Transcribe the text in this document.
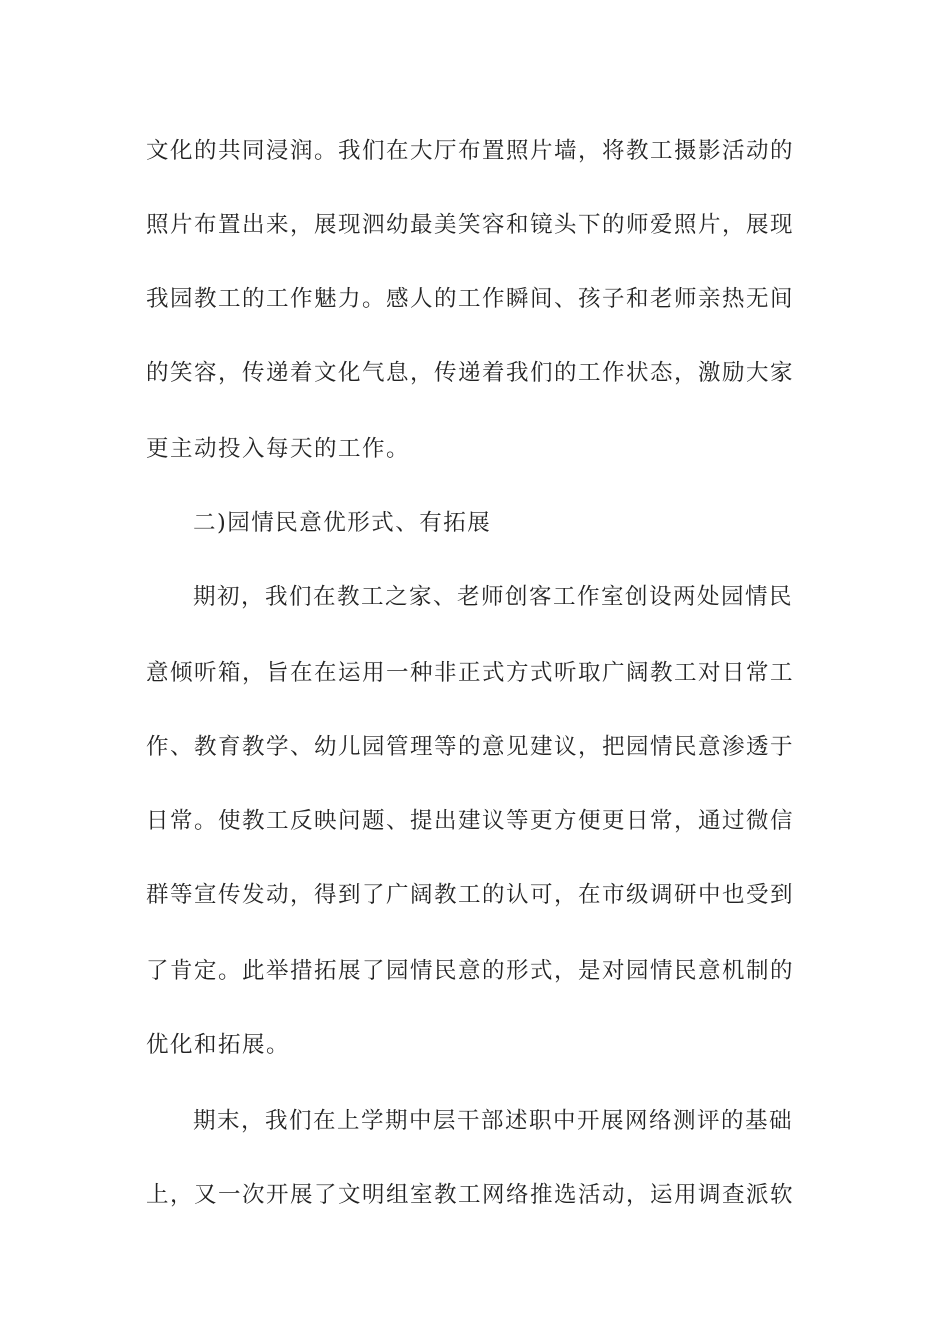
文化的共同浸润。我们在大厅布置照片墙，将教工摄影活动的
照片布置出来，展现泗幼最美笑容和镜头下的师爱照片，展现
我园教工的工作魅力。感人的工作瞬间、孩子和老师亲热无间
的笑容，传递着文化气息，传递着我们的工作状态，激励大家
更主动投入每天的工作。
二)园情民意优形式、有拓展
期初，我们在教工之家、老师创客工作室创设两处园情民
意倾听箱，旨在在运用一种非正式方式听取广阔教工对日常工
作、教育教学、幼儿园管理等的意见建议，把园情民意渗透于
日常。使教工反映问题、提出建议等更方便更日常，通过微信
群等宣传发动，得到了广阔教工的认可，在市级调研中也受到
了肯定。此举措拓展了园情民意的形式，是对园情民意机制的
优化和拓展。
期末，我们在上学期中层干部述职中开展网络测评的基础
上，又一次开展了文明组室教工网络推选活动，运用调查派软
